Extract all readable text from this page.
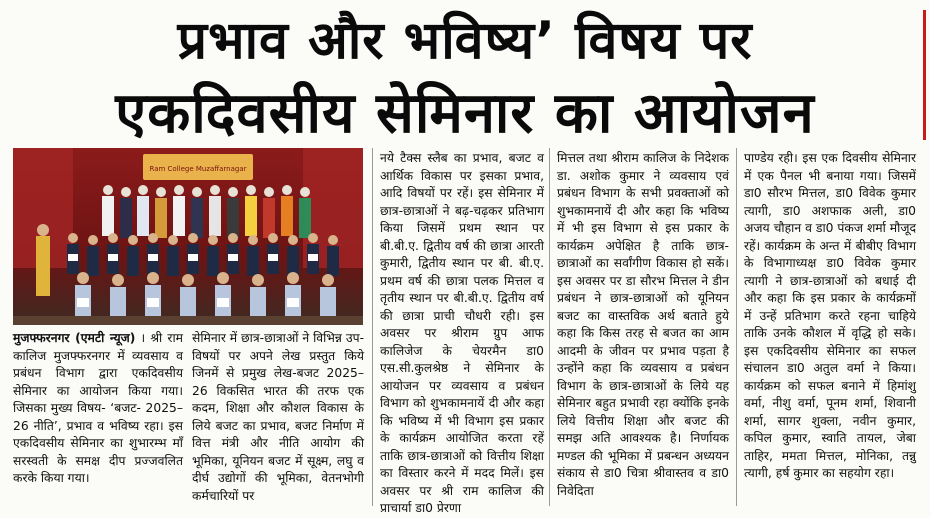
प्रभाव और भविष्य’ विषय पर
एकदिवसीय सेमिनार का आयोजन
Ram College Muzaffarnagar

मुजफ्फरनगर (एमटी न्यूज) । श्री राम कालिज मुजफ्फरनगर में व्यवसाय व प्रबंधन विभाग द्वारा एकदिवसीय सेमिनार का आयोजन किया गया। जिसका मुख्य विषय- ‘बजट- 2025–26 नीति’, प्रभाव व भविष्य रहा। इस एकदिवसीय सेमिनार का शुभारम्भ माँ सरस्वती के समक्ष दीप प्रज्जवलित करके किया गया।

नये टैक्स स्लैब का प्रभाव, बजट व आर्थिक विकास पर इसका प्रभाव, आदि विषयों पर रहें। इस सेमिनार में छात्र-छात्राओं ने बढ़-चढ़कर प्रतिभाग किया जिसमें प्रथम स्थान पर बी.बी.ए. द्वितीय वर्ष की छात्रा आरती कुमारी, द्वितीय स्थान पर बी. बी.ए. प्रथम वर्ष की छात्रा पलक मित्तल व तृतीय स्थान पर बी.बी.ए. द्वितीय वर्ष की छात्रा प्राची चौधरी रही। इस अवसर पर श्रीराम ग्रुप आफ कालिजेज के चेयरमैन डा0 एस.सी.कुलश्रेष्ठ ने सेमिनार के आयोजन पर व्यवसाय व प्रबंधन विभाग को शुभकामनायें दी और कहा कि भविष्य में भी विभाग इस प्रकार के कार्यक्रम आयोजित करता रहें ताकि छात्र-छात्राओं को वित्तीय शिक्षा का विस्तार करने में मदद मिलें। इस अवसर पर श्री राम कालिज की प्राचार्या डा0 प्रेरणा

मित्तल तथा श्रीराम कालिज के निदेशक डा. अशोक कुमार ने व्यवसाय एवं प्रबंधन विभाग के सभी प्रवक्ताओं को शुभकामनायें दी और कहा कि भविष्य में भी इस विभाग से इस प्रकार के कार्यक्रम अपेक्षित है ताकि छात्र-छात्राओं का सर्वांगीण विकास हो सकें। इस अवसर पर डा सौरभ मित्तल ने डीन प्रबंधन ने छात्र-छात्राओं को यूनियन बजट का वास्तविक अर्थ बताते हुये कहा कि किस तरह से बजत का आम आदमी के जीवन पर प्रभाव पड़ता है उन्होंने कहा कि व्यवसाय व प्रबंधन विभाग के छात्र-छात्राओं के लिये यह सेमिनार बहुत प्रभावी रहा क्योंकि इनके लिये वित्तीय शिक्षा और बजट की समझ अति आवश्यक है। निर्णायक मण्डल की भूमिका में प्रबन्धन अध्ययन संकाय से डा0 चित्रा श्रीवास्तव व डा0 निवेदिता

पाण्डेय रही। इस एक दिवसीय सेमिनार में एक पैनल भी बनाया गया। जिसमें डा0 सौरभ मित्तल, डा0 विवेक कुमार त्यागी, डा0 अशफाक अली, डा0 अजय चौहान व डा0 पंकज शर्मा मौजूद रहें। कार्यक्रम के अन्त में बीबीए विभाग के विभागाध्यक्ष डा0 विवेक कुमार त्यागी ने छात्र-छात्राओं को बधाई दी और कहा कि इस प्रकार के कार्यक्रमों में उन्हें प्रतिभाग करते रहना चाहिये ताकि उनके कौशल में वृद्धि हो सके। इस एकदिवसीय सेमिनार का सफल संचालन डा0 अतुल वर्मा ने किया। कार्यक्रम को सफल बनाने में हिमांशु वर्मा, नीशु वर्मा, पूनम शर्मा, शिवानी शर्मा, सागर शुक्ला, नवीन कुमार, कपिल कुमार, स्वाति तायल, जेबा ताहिर, ममता मित्तल, मोनिका, तन्नु त्यागी, हर्ष कुमार का सहयोग रहा।

सेमिनार में छात्र-छात्राओं ने विभिन्न उप-विषयों पर अपने लेख प्रस्तुत किये जिनमें से प्रमुख लेख-बजट 2025–26 विकसित भारत की तरफ एक कदम, शिक्षा और कौशल विकास के लिये बजट का प्रभाव, बजट निर्माण में वित्त मंत्री और नीति आयोग की भूमिका, यूनियन बजट में सूक्ष्म, लघु व दीर्घ उद्योगों की भूमिका, वेतनभोगी कर्मचारियों पर
